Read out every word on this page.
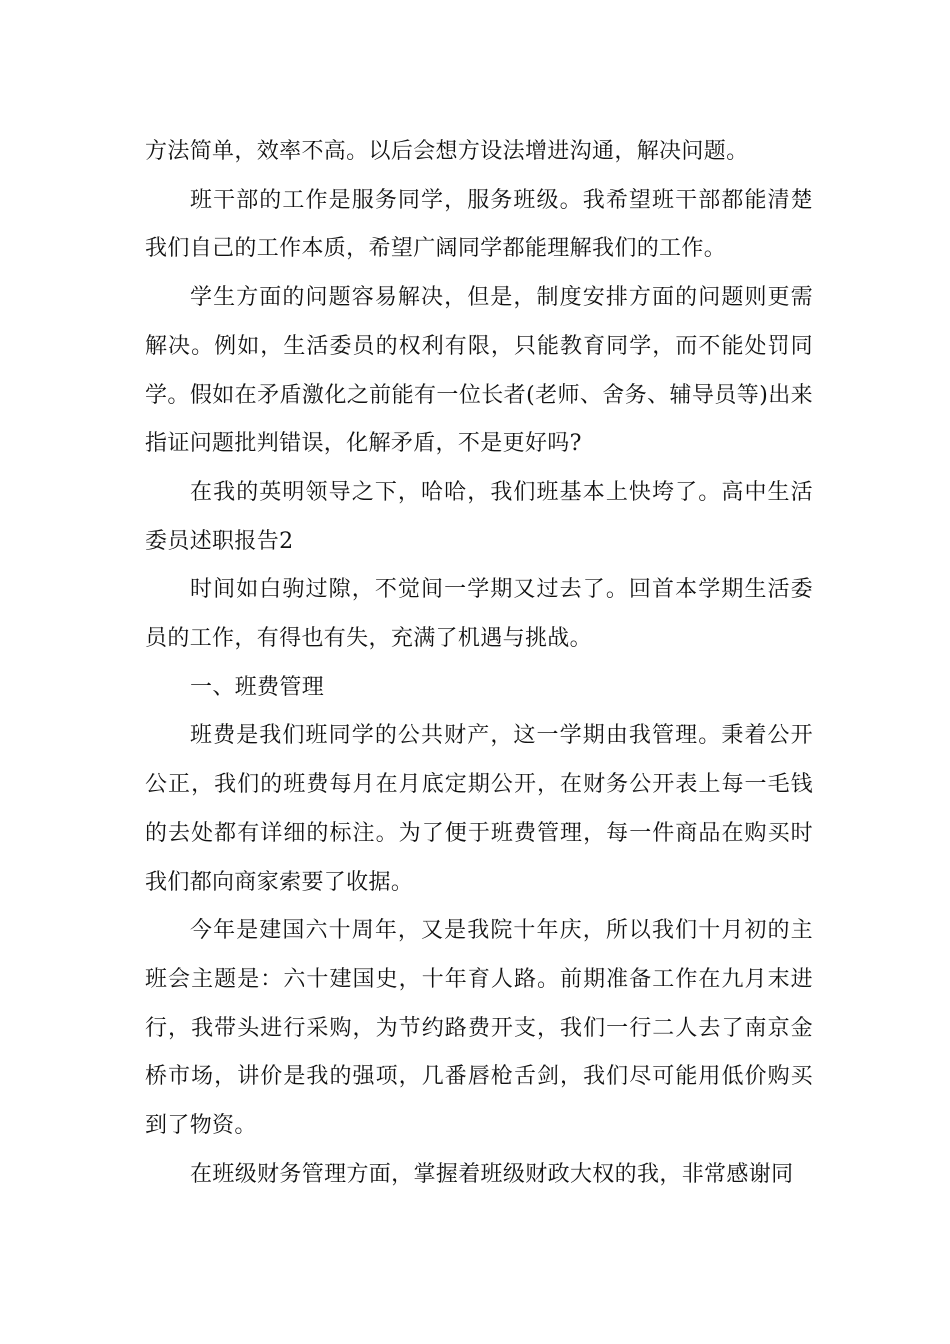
方法简单，效率不高。以后会想方设法增进沟通，解决问题。

班干部的工作是服务同学，服务班级。我希望班干部都能清楚我们自己的工作本质，希望广阔同学都能理解我们的工作。

学生方面的问题容易解决，但是，制度安排方面的问题则更需解决。例如，生活委员的权利有限，只能教育同学，而不能处罚同学。假如在矛盾激化之前能有一位长者(老师、舍务、辅导员等)出来指证问题批判错误，化解矛盾，不是更好吗?

在我的英明领导之下，哈哈，我们班基本上快垮了。高中生活委员述职报告2

时间如白驹过隙，不觉间一学期又过去了。回首本学期生活委员的工作，有得也有失，充满了机遇与挑战。

一、班费管理

班费是我们班同学的公共财产，这一学期由我管理。秉着公开公正，我们的班费每月在月底定期公开，在财务公开表上每一毛钱的去处都有详细的标注。为了便于班费管理，每一件商品在购买时我们都向商家索要了收据。

今年是建国六十周年，又是我院十年庆，所以我们十月初的主班会主题是：六十建国史，十年育人路。前期准备工作在九月末进行，我带头进行采购，为节约路费开支，我们一行二人去了南京金桥市场，讲价是我的强项，几番唇枪舌剑，我们尽可能用低价购买到了物资。

在班级财务管理方面，掌握着班级财政大权的我，非常感谢同
